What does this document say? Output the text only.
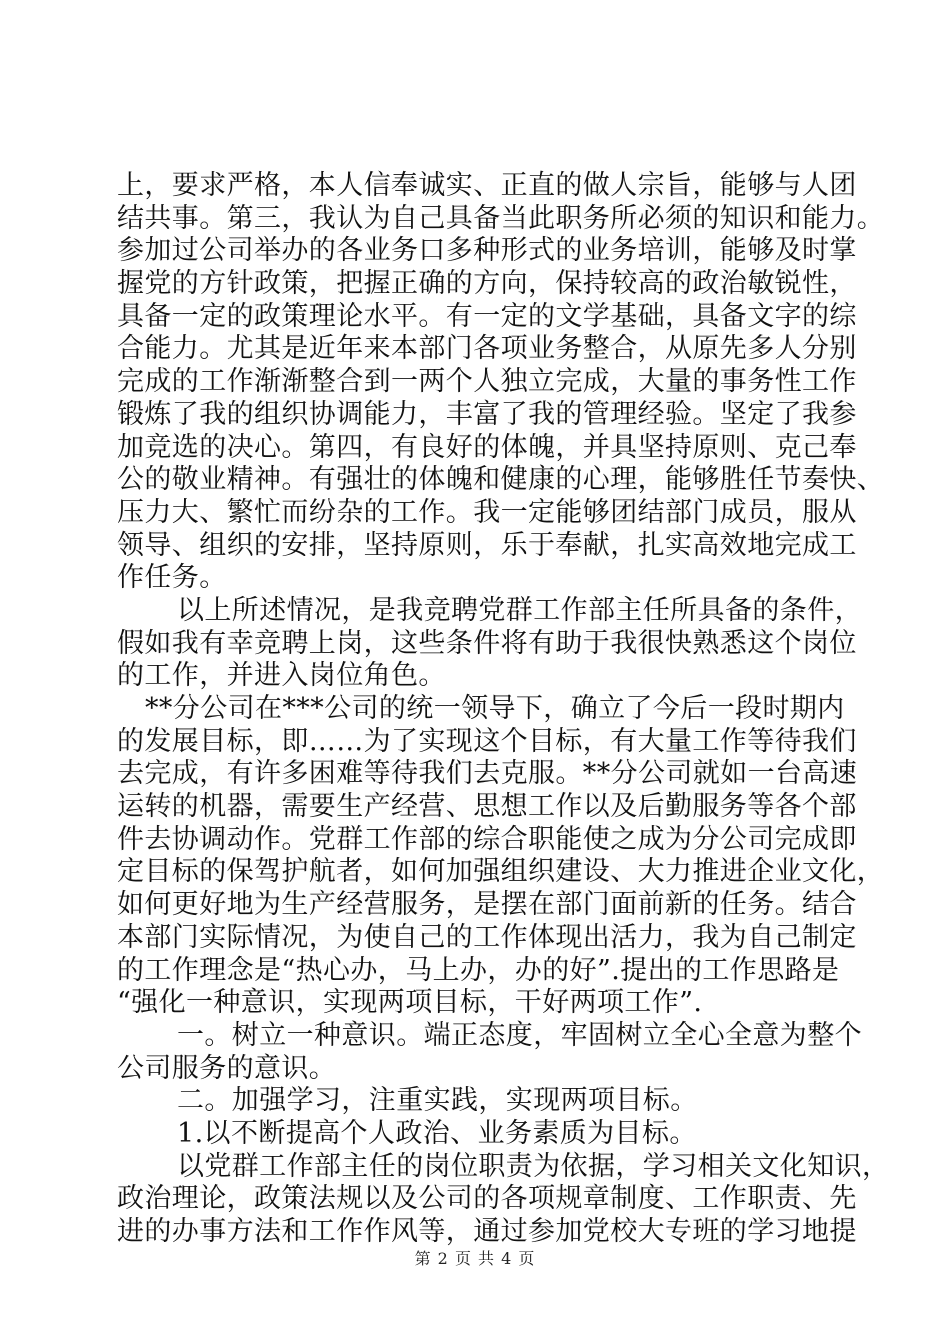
上，要求严格，本人信奉诚实、正直的做人宗旨，能够与人团
结共事。第三，我认为自己具备当此职务所必须的知识和能力。
参加过公司举办的各业务口多种形式的业务培训，能够及时掌
握党的方针政策，把握正确的方向，保持较高的政治敏锐性，
具备一定的政策理论水平。有一定的文学基础，具备文字的综
合能力。尤其是近年来本部门各项业务整合，从原先多人分别
完成的工作渐渐整合到一两个人独立完成，大量的事务性工作
锻炼了我的组织协调能力，丰富了我的管理经验。坚定了我参
加竞选的决心。第四，有良好的体魄，并具坚持原则、克己奉
公的敬业精神。有强壮的体魄和健康的心理，能够胜任节奏快、
压力大、繁忙而纷杂的工作。我一定能够团结部门成员，服从
领导、组织的安排，坚持原则，乐于奉献，扎实高效地完成工
作任务。
以上所述情况，是我竞聘党群工作部主任所具备的条件，
假如我有幸竞聘上岗，这些条件将有助于我很快熟悉这个岗位
的工作，并进入岗位角色。
**分公司在***公司的统一领导下，确立了今后一段时期内
的发展目标，即……为了实现这个目标，有大量工作等待我们
去完成，有许多困难等待我们去克服。**分公司就如一台高速
运转的机器，需要生产经营、思想工作以及后勤服务等各个部
件去协调动作。党群工作部的综合职能使之成为分公司完成即
定目标的保驾护航者，如何加强组织建设、大力推进企业文化，
如何更好地为生产经营服务，是摆在部门面前新的任务。结合
本部门实际情况，为使自己的工作体现出活力，我为自己制定
的工作理念是“热心办，马上办，办的好”.提出的工作思路是
“强化一种意识，实现两项目标，干好两项工作”.
一。树立一种意识。端正态度，牢固树立全心全意为整个
公司服务的意识。
二。加强学习，注重实践，实现两项目标。
1.以不断提高个人政治、业务素质为目标。
以党群工作部主任的岗位职责为依据，学习相关文化知识，
政治理论，政策法规以及公司的各项规章制度、工作职责、先
进的办事方法和工作作风等，通过参加党校大专班的学习地提
第 2 页 共 4 页
